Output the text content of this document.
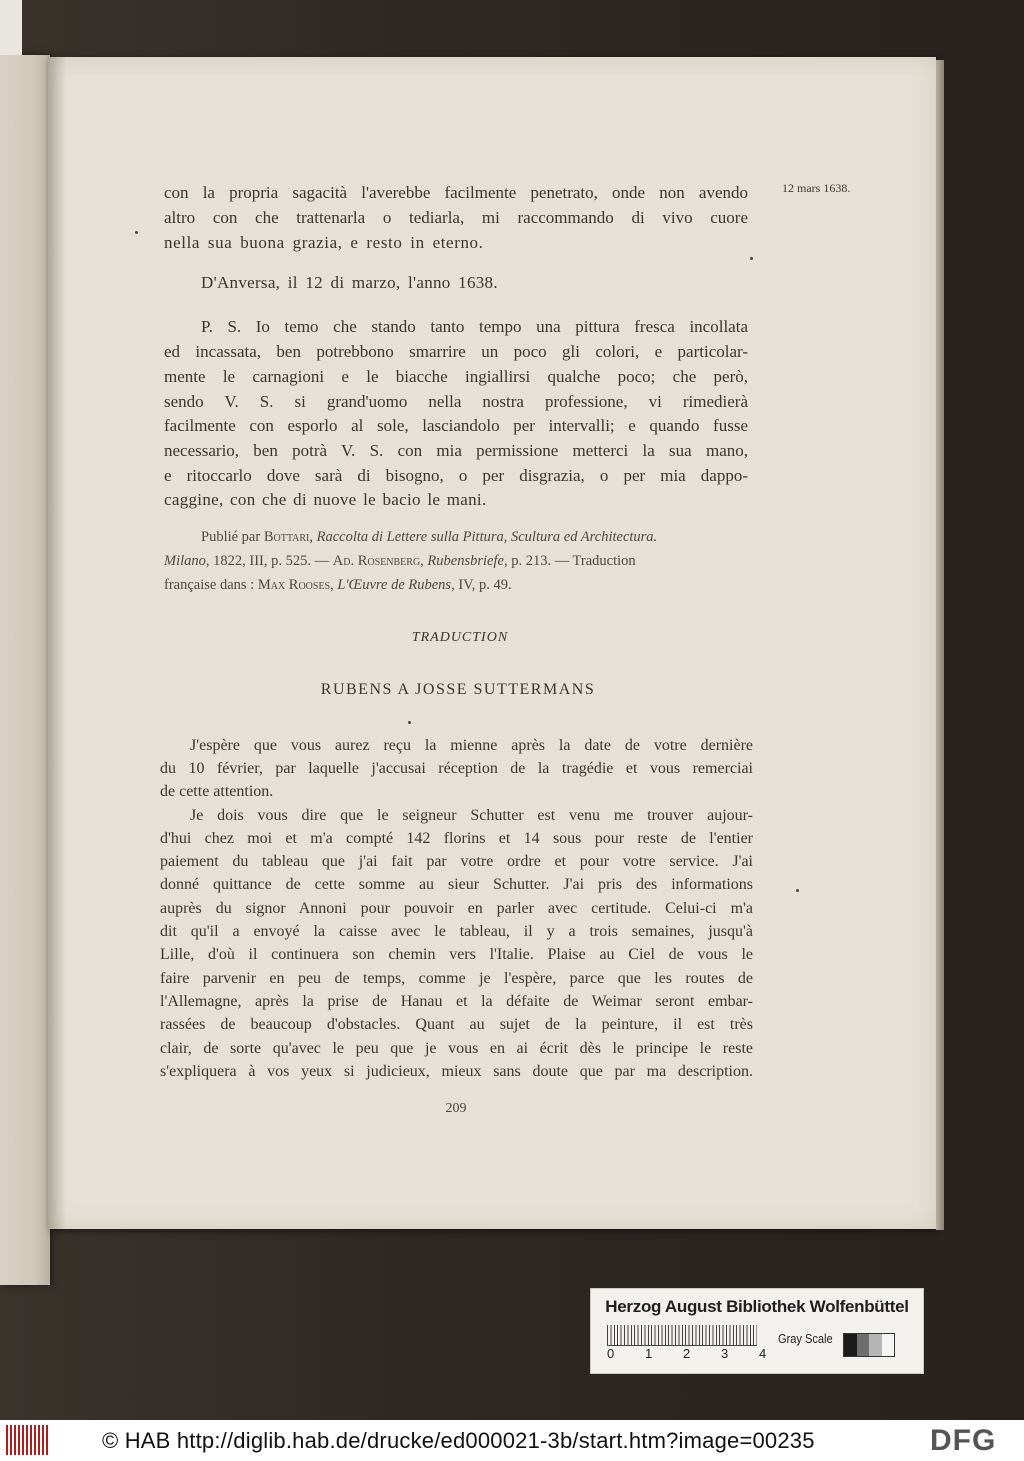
12 mars 1638.
con la propria sagacità l'averebbe facilmente penetrato, onde non avendo
altro con che trattenarla o tediarla, mi raccommando di vivo cuore
nella sua buona grazia, e resto in eterno.
D'Anversa, il 12 di marzo, l'anno 1638.
P. S. Io temo che stando tanto tempo una pittura fresca incollata
ed incassata, ben potrebbono smarrire un poco gli colori, e particolar-
mente le carnagioni e le biacche ingiallirsi qualche poco; che però,
sendo V. S. si grand'uomo nella nostra professione, vi rimedierà
facilmente con esporlo al sole, lasciandolo per intervalli; e quando fusse
necessario, ben potrà V. S. con mia permissione metterci la sua mano,
e ritoccarlo dove sarà di bisogno, o per disgrazia, o per mia dappo-
caggine, con che di nuove le bacio le mani.
Publié par Bottari, Raccolta di Lettere sulla Pittura, Scultura ed Architectura.
Milano, 1822, III, p. 525. — Ad. Rosenberg, Rubensbriefe, p. 213. — Traduction
française dans : Max Rooses, L'Œuvre de Rubens, IV, p. 49.
TRADUCTION
RUBENS A JOSSE SUTTERMANS
J'espère que vous aurez reçu la mienne après la date de votre dernière
du 10 février, par laquelle j'accusai réception de la tragédie et vous remerciai
de cette attention.
Je dois vous dire que le seigneur Schutter est venu me trouver aujour-
d'hui chez moi et m'a compté 142 florins et 14 sous pour reste de l'entier
paiement du tableau que j'ai fait par votre ordre et pour votre service. J'ai
donné quittance de cette somme au sieur Schutter. J'ai pris des informations
auprès du signor Annoni pour pouvoir en parler avec certitude. Celui-ci m'a
dit qu'il a envoyé la caisse avec le tableau, il y a trois semaines, jusqu'à
Lille, d'où il continuera son chemin vers l'Italie. Plaise au Ciel de vous le
faire parvenir en peu de temps, comme je l'espère, parce que les routes de
l'Allemagne, après la prise de Hanau et la défaite de Weimar seront embar-
rassées de beaucoup d'obstacles. Quant au sujet de la peinture, il est très
clair, de sorte qu'avec le peu que je vous en ai écrit dès le principe le reste
s'expliquera à vos yeux si judicieux, mieux sans doute que par ma description.
209
Herzog August Bibliothek Wolfenbüttel
0 1 2 3 4
Gray Scale
© HAB http://diglib.hab.de/drucke/ed000021-3b/start.htm?image=00235	DFG
